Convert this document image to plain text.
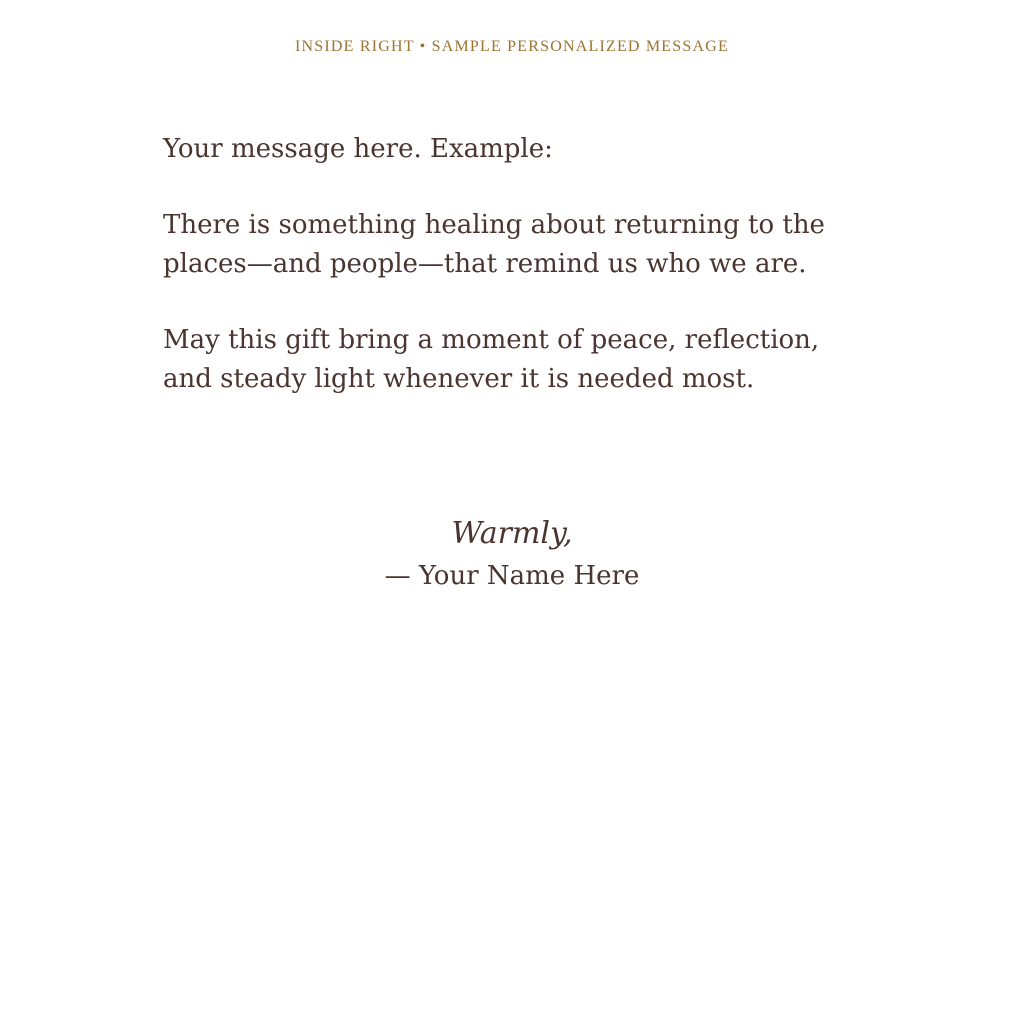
INSIDE RIGHT • SAMPLE PERSONALIZED MESSAGE

Your message here. Example:

There is something healing about returning to the places—and people—that remind us who we are.

May this gift bring a moment of peace, reflection, and steady light whenever it is needed most.

Warmly,
— Your Name Here
